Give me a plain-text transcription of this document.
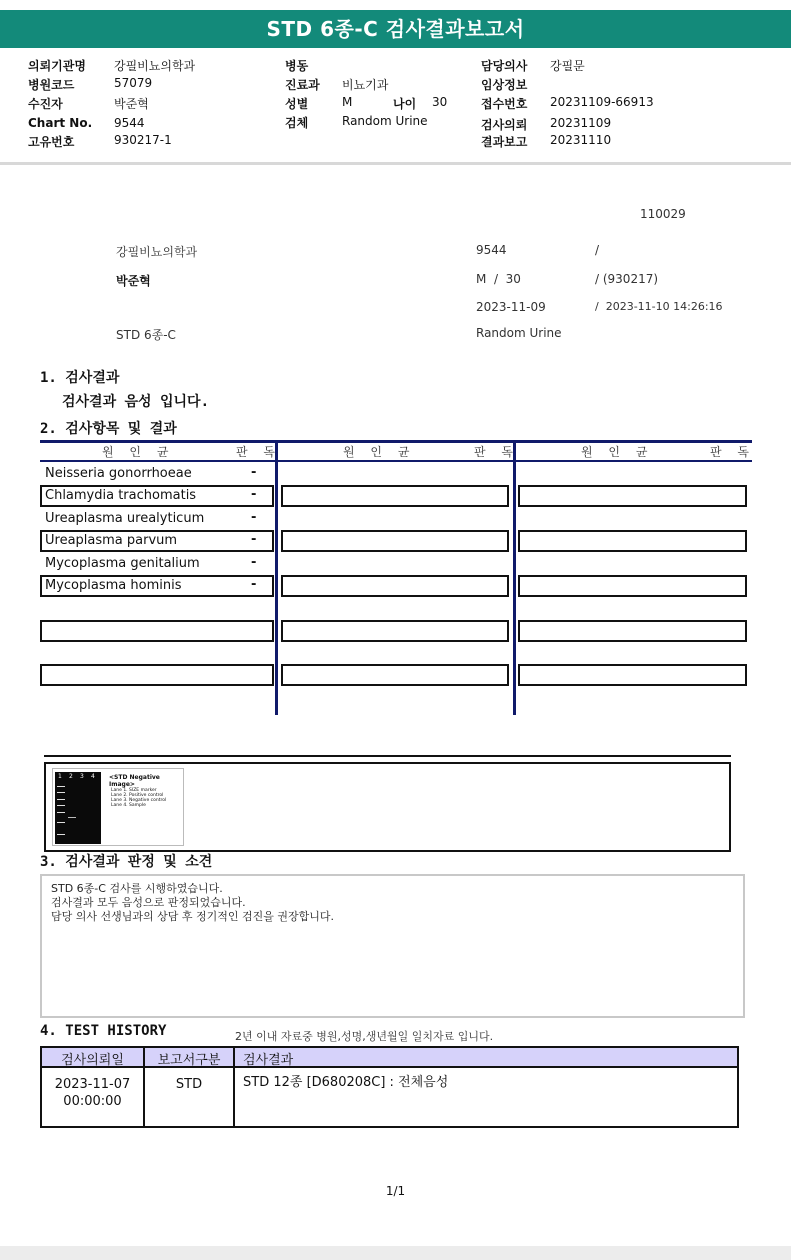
STD 6종-C 검사결과보고서
의뢰기관명 강필비뇨의학과
병원코드	57079
수진자	박준혁
Chart No. 9544
고유번호	930217-1
병동
진료과 비뇨기과
성별	M	나이 30
검체	Random Urine
담당의사 강필문
임상정보
접수번호 20231109-66913
검사의뢰 20231109
결과보고 20231110
110029
강필비뇨의학과	9544	/
박준혁	M  /  30	/ (930217)
2023-11-09	/  2023-11-10 14:26:16
STD 6종-C	Random Urine
1. 검사결과
검사결과 음성 입니다.
2. 검사항목 및 결과
원 인 균	판 독	원 인 균	판 독	원 인 균	판 독
Neisseria gonorrhoeae	-
Chlamydia trachomatis	-
Ureaplasma urealyticum	-
Ureaplasma parvum	-
Mycoplasma genitalium	-
Mycoplasma hominis	-
1 2 3 4 <STD Negative Image>
Lane 1. SIZE marker
Lane 2. Positive control
Lane 3. Negative control
Lane 4. Sample
3. 검사결과 판정 및 소견
STD 6종-C 검사를 시행하였습니다.
검사결과 모두 음성으로 판정되었습니다.
담당 의사 선생님과의 상담 후 정기적인 검진을 권장합니다.
4. TEST HISTORY	2년 이내 자료중 병원,성명,생년월일 일치자료 입니다.
검사의뢰일	보고서구분	검사결과
2023-11-07
00:00:00
STD	STD 12종 [D680208C] : 전체음성
1/1
